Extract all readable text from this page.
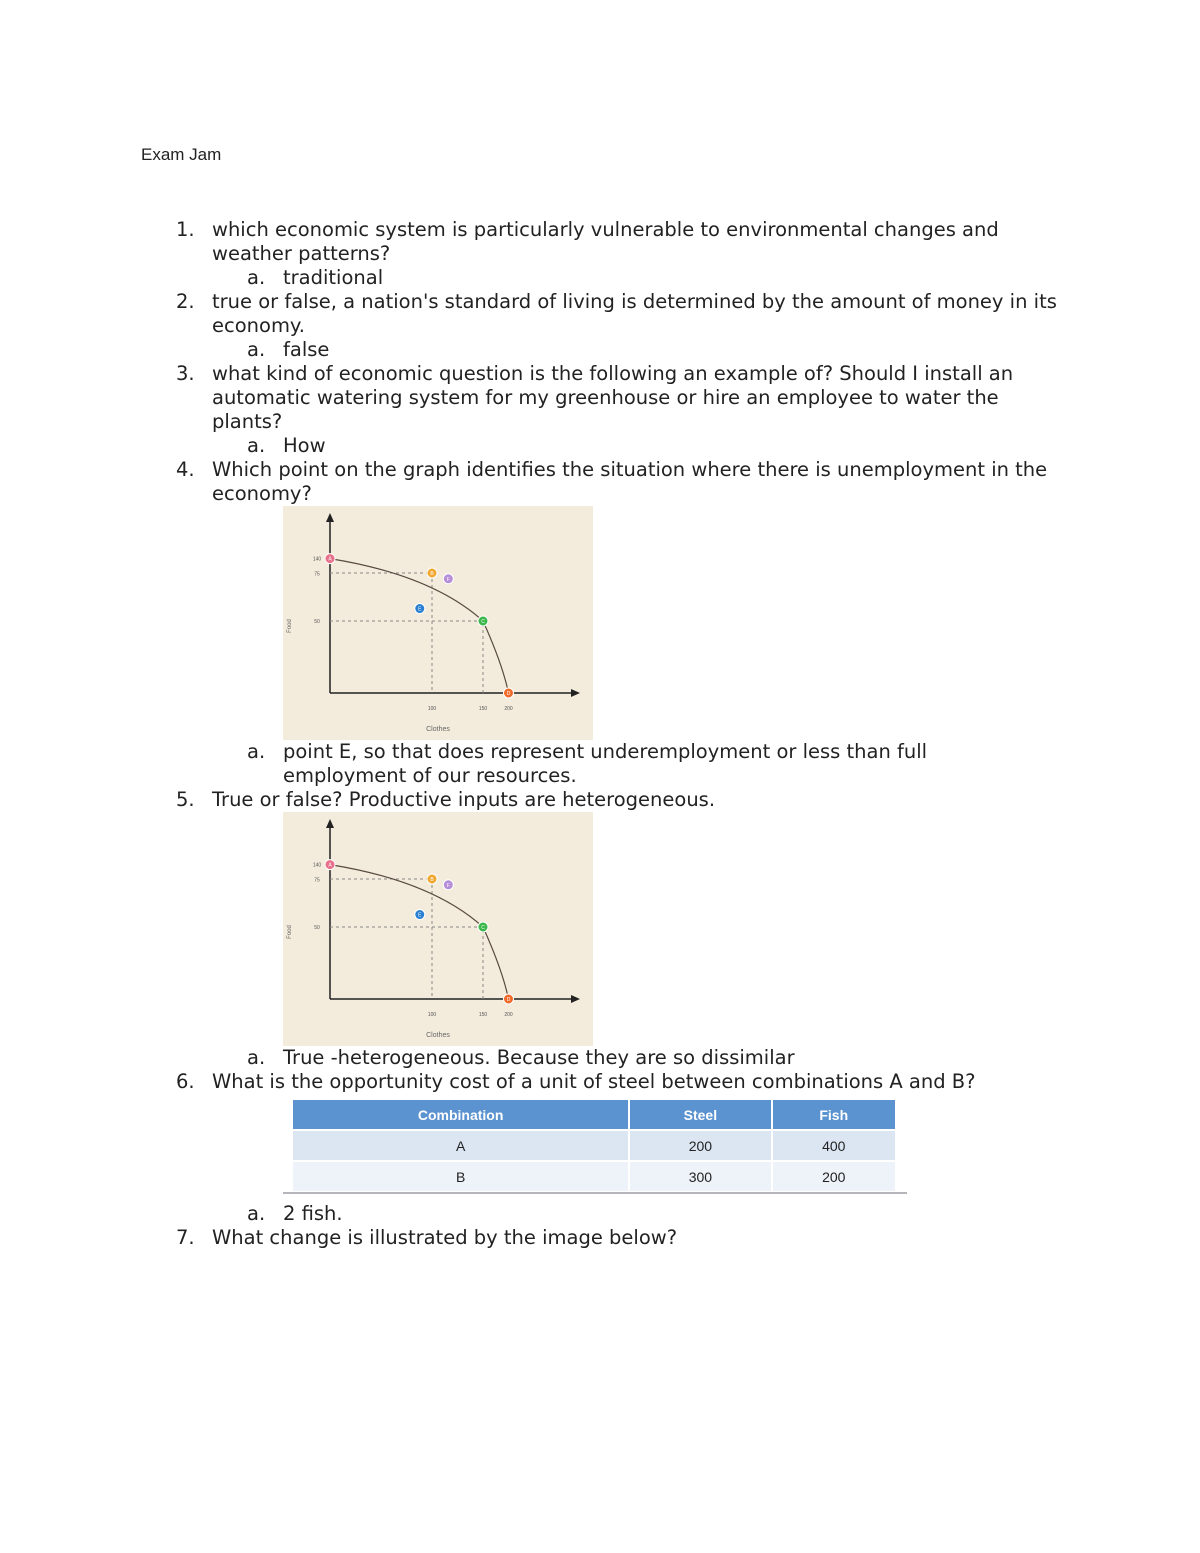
Exam Jam
1. which economic system is particularly vulnerable to environmental changes and weather patterns?
a. traditional
2. true or false, a nation's standard of living is determined by the amount of money in its economy.
a. false
3. what kind of economic question is the following an example of? Should I install an automatic watering system for my greenhouse or hire an employee to water the plants?
a. How
4. Which point on the graph identifies the situation where there is unemployment in the economy?
A
B
C
D
E
F
140
75
50
100	150	200
Clothes
Food
a. point E, so that does represent underemployment or less than full employment of our resources.
5. True or false? Productive inputs are heterogeneous.
A
B
C
D
E
F
140
75
50
100	150	200
Clothes
Food
a. True -heterogeneous. Because they are so dissimilar
6. What is the opportunity cost of a unit of steel between combinations A and B?
Combination	Steel	Fish
A	200	400
B	300	200
a. 2 fish.
7. What change is illustrated by the image below?
